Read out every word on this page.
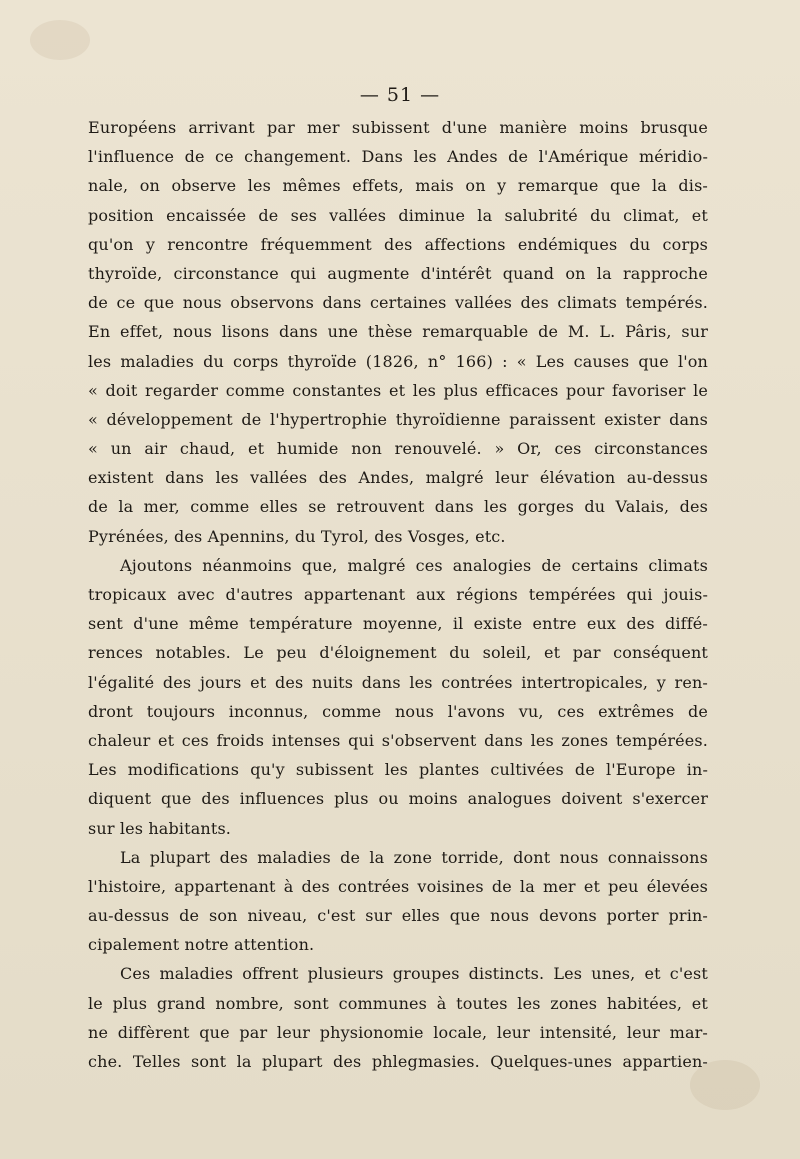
— 51 —
Européens arrivant par mer subissent d'une manière moins brusque
l'influence de ce changement. Dans les Andes de l'Amérique méridio-
nale, on observe les mêmes effets, mais on y remarque que la dis-
position encaissée de ses vallées diminue la salubrité du climat, et
qu'on y rencontre fréquemment des affections endémiques du corps
thyroïde, circonstance qui augmente d'intérêt quand on la rapproche
de ce que nous observons dans certaines vallées des climats tempérés.
En effet, nous lisons dans une thèse remarquable de M. L. Pâris, sur
les maladies du corps thyroïde (1826, n° 166) : « Les causes que l'on
« doit regarder comme constantes et les plus efficaces pour favoriser le
« développement de l'hypertrophie thyroïdienne paraissent exister dans
« un air chaud, et humide non renouvelé. » Or, ces circonstances
existent dans les vallées des Andes, malgré leur élévation au-dessus
de la mer, comme elles se retrouvent dans les gorges du Valais, des
Pyrénées, des Apennins, du Tyrol, des Vosges, etc.
Ajoutons néanmoins que, malgré ces analogies de certains climats
tropicaux avec d'autres appartenant aux régions tempérées qui jouis-
sent d'une même température moyenne, il existe entre eux des diffé-
rences notables. Le peu d'éloignement du soleil, et par conséquent
l'égalité des jours et des nuits dans les contrées intertropicales, y ren-
dront toujours inconnus, comme nous l'avons vu, ces extrêmes de
chaleur et ces froids intenses qui s'observent dans les zones tempérées.
Les modifications qu'y subissent les plantes cultivées de l'Europe in-
diquent que des influences plus ou moins analogues doivent s'exercer
sur les habitants.
La plupart des maladies de la zone torride, dont nous connaissons
l'histoire, appartenant à des contrées voisines de la mer et peu élevées
au-dessus de son niveau, c'est sur elles que nous devons porter prin-
cipalement notre attention.
Ces maladies offrent plusieurs groupes distincts. Les unes, et c'est
le plus grand nombre, sont communes à toutes les zones habitées, et
ne diffèrent que par leur physionomie locale, leur intensité, leur mar-
che. Telles sont la plupart des phlegmasies. Quelques-unes appartien-
